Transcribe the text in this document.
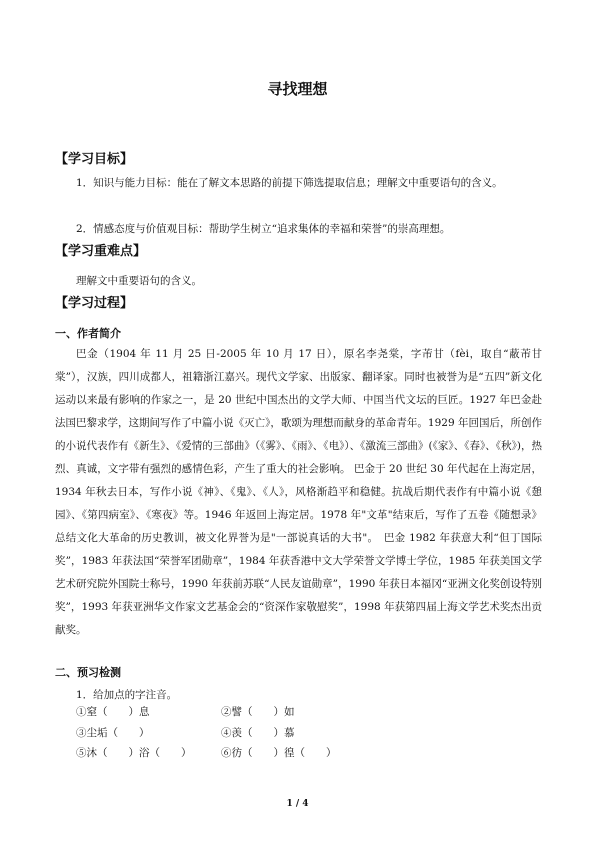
寻找理想
【学习目标】

1．知识与能力目标：能在了解文本思路的前提下筛选提取信息；理解文中重要语句的含义。

2．情感态度与价值观目标：帮助学生树立“追求集体的幸福和荣誉”的崇高理想。

【学习重难点】

理解文中重要语句的含义。

【学习过程】
一、作者简介

巴金（1904 年 11 月 25 日-2005 年 10 月 17 日），原名李尧棠，字芾甘（fèi，取自“蔽芾甘棠”），汉族，四川成都人，祖籍浙江嘉兴。现代文学家、出版家、翻译家。同时也被誉为是“五四”新文化运动以来最有影响的作家之一，是 20 世纪中国杰出的文学大师、中国当代文坛的巨匠。1927 年巴金赴法国巴黎求学，这期间写作了中篇小说《灭亡》，歌颂为理想而献身的革命青年。1929 年回国后，所创作的小说代表作有《新生》、《爱情的三部曲》（《雾》、《雨》、《电》）、《激流三部曲》(《家》、《春》、《秋》)，热烈、真诚，文字带有强烈的感情色彩，产生了重大的社会影响。 巴金于 20 世纪 30 年代起在上海定居，1934 年秋去日本，写作小说《神》、《鬼》、《人》，风格渐趋平和稳健。抗战后期代表作有中篇小说《憩园》、《第四病室》、《寒夜》等。1946 年返回上海定居。1978 年"文革"结束后，写作了五卷《随想录》总结文化大革命的历史教训，被文化界誉为是"一部说真话的大书"。　巴金 1982 年获意大利“但丁国际奖”，1983 年获法国“荣誉军团勋章”，1984 年获香港中文大学荣誉文学博士学位，1985 年获美国文学艺术研究院外国院士称号，1990 年获前苏联“人民友谊勋章”，1990 年获日本福冈“亚洲文化奖创设特别奖”，1993 年获亚洲华文作家文艺基金会的“资深作家敬慰奖”，1998 年获第四届上海文学艺术奖杰出贡献奖。

二、预习检测
1．给加点的字注音。
①窒（　　）息	②譬（　　）如
③尘垢（　　）	④羡（　　）慕
⑤沐（　　）浴（　　）	⑥彷（　　）徨（　　）
1 / 4
